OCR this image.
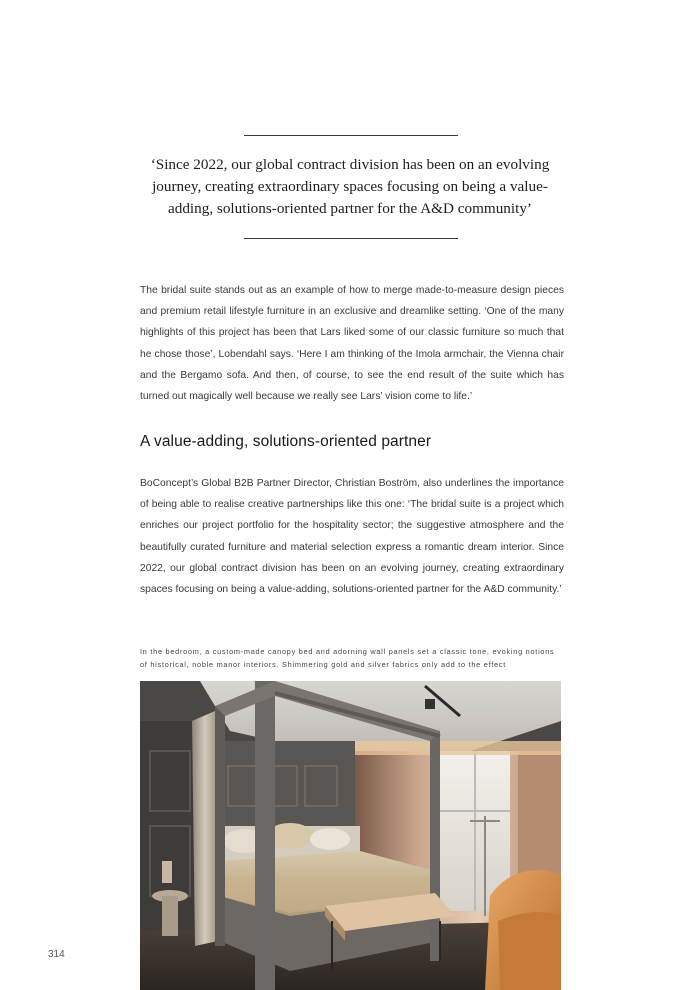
‘Since 2022, our global contract division has been on an evolving

journey, creating extraordinary spaces focusing on being a value-

adding, solutions-oriented partner for the A&D community’

The bridal suite stands out as an example of how to merge made-to-measure design pieces and premium retail lifestyle furniture in an exclusive and dreamlike setting. ‘One of the many highlights of this project has been that Lars liked some of our classic furniture so much that he chose those’, Lobendahl says. ‘Here I am thinking of the Imola armchair, the Vienna chair and the Bergamo sofa. And then, of course, to see the end result of the suite which has turned out magically well because we really see Lars’ vision come to life.’

A value-adding, solutions-oriented partner

BoConcept’s Global B2B Partner Director, Christian Boström, also underlines the importance of being able to realise creative partnerships like this one: ‘The bridal suite is a project which enriches our project portfolio for the hospitality sector; the suggestive atmosphere and the beautifully curated furniture and material selection express a romantic dream interior. Since 2022, our global contract division has been on an evolving journey, creating extraordinary spaces focusing on being a value-adding, solutions-oriented partner for the A&D community.’

In the bedroom, a custom-made canopy bed and adorning wall panels set a classic tone, evoking notions
of historical, noble manor interiors. Shimmering gold and silver fabrics only add to the effect
314
